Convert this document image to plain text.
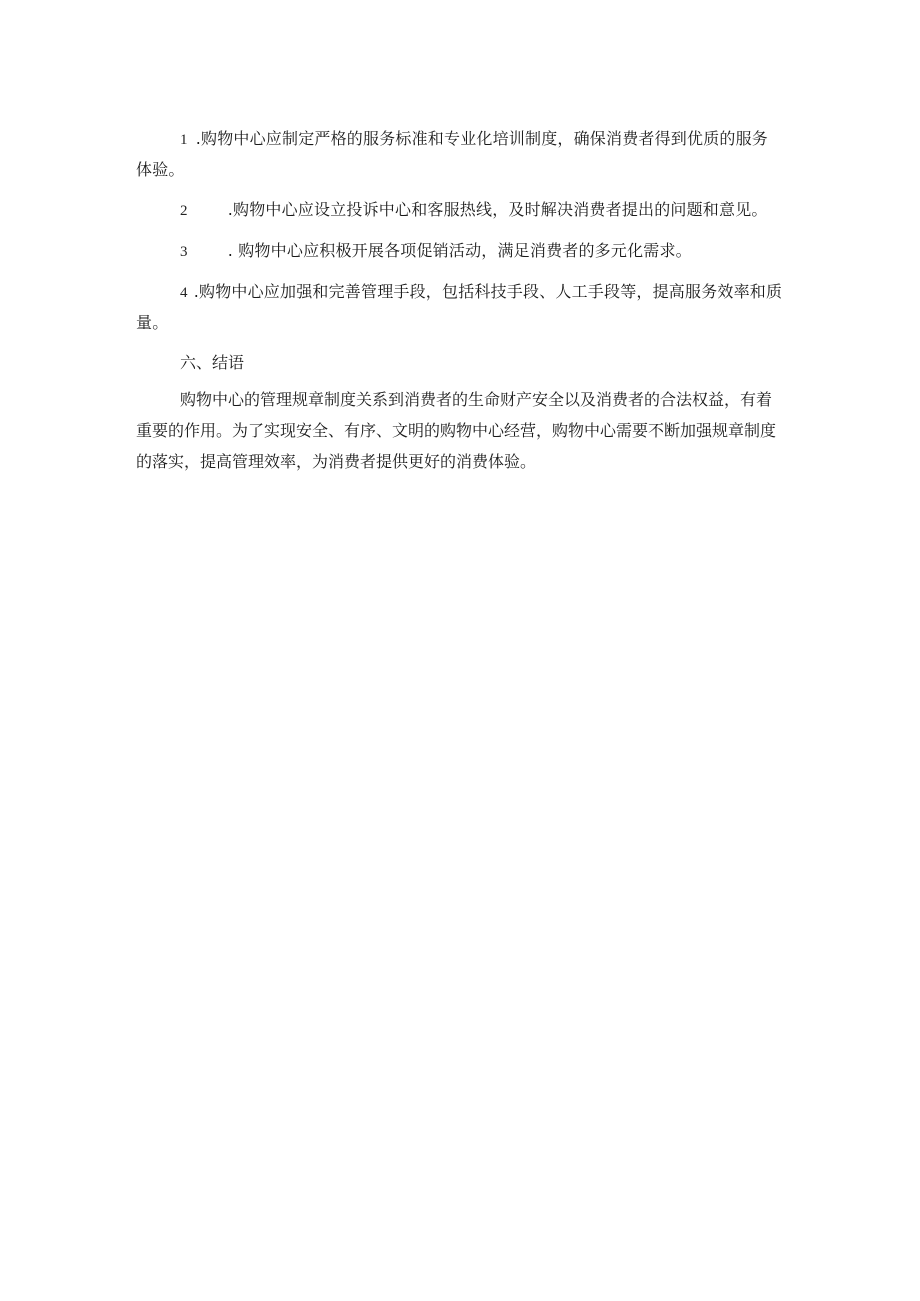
1 .购物中心应制定严格的服务标准和专业化培训制度，确保消费者得到优质的服务体验。

2	.购物中心应设立投诉中心和客服热线，及时解决消费者提出的问题和意见。

3	. 购物中心应积极开展各项促销活动，满足消费者的多元化需求。

4 .购物中心应加强和完善管理手段，包括科技手段、人工手段等，提高服务效率和质量。

六、结语

购物中心的管理规章制度关系到消费者的生命财产安全以及消费者的合法权益，有着重要的作用。为了实现安全、有序、文明的购物中心经营，购物中心需要不断加强规章制度的落实，提高管理效率，为消费者提供更好的消费体验。
